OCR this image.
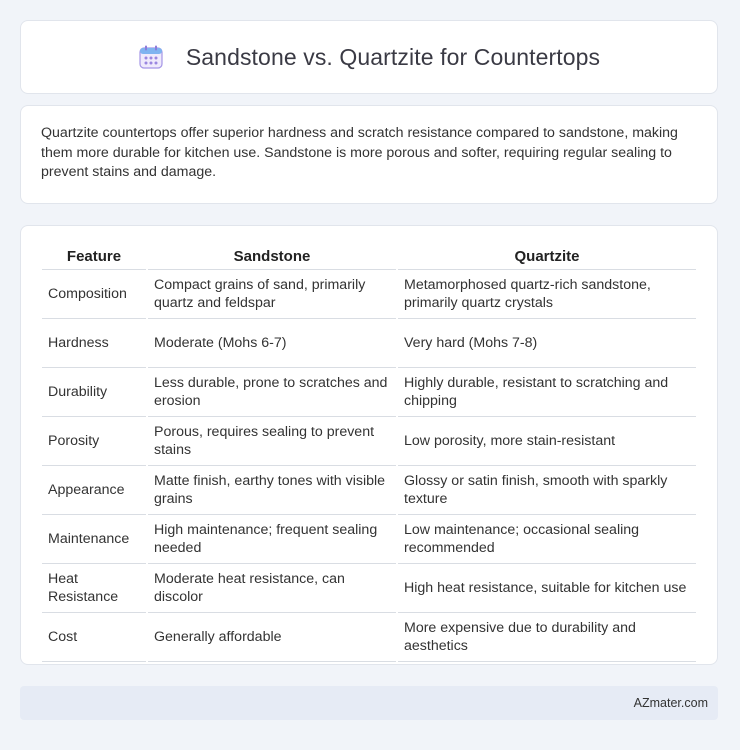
Sandstone vs. Quartzite for Countertops

Quartzite countertops offer superior hardness and scratch resistance compared to sandstone, making them more durable for kitchen use. Sandstone is more porous and softer, requiring regular sealing to prevent stains and damage.

Feature	Sandstone	Quartzite
Composition	Compact grains of sand, primarily quartz and feldspar	Metamorphosed quartz-rich sandstone, primarily quartz crystals
Hardness	Moderate (Mohs 6-7)	Very hard (Mohs 7-8)
Durability	Less durable, prone to scratches and erosion	Highly durable, resistant to scratching and chipping
Porosity	Porous, requires sealing to prevent stains	Low porosity, more stain-resistant
Appearance	Matte finish, earthy tones with visible grains	Glossy or satin finish, smooth with sparkly texture
Maintenance	High maintenance; frequent sealing needed	Low maintenance; occasional sealing recommended
Heat Resistance	Moderate heat resistance, can discolor	High heat resistance, suitable for kitchen use
Cost	Generally affordable	More expensive due to durability and aesthetics
AZmater.com
